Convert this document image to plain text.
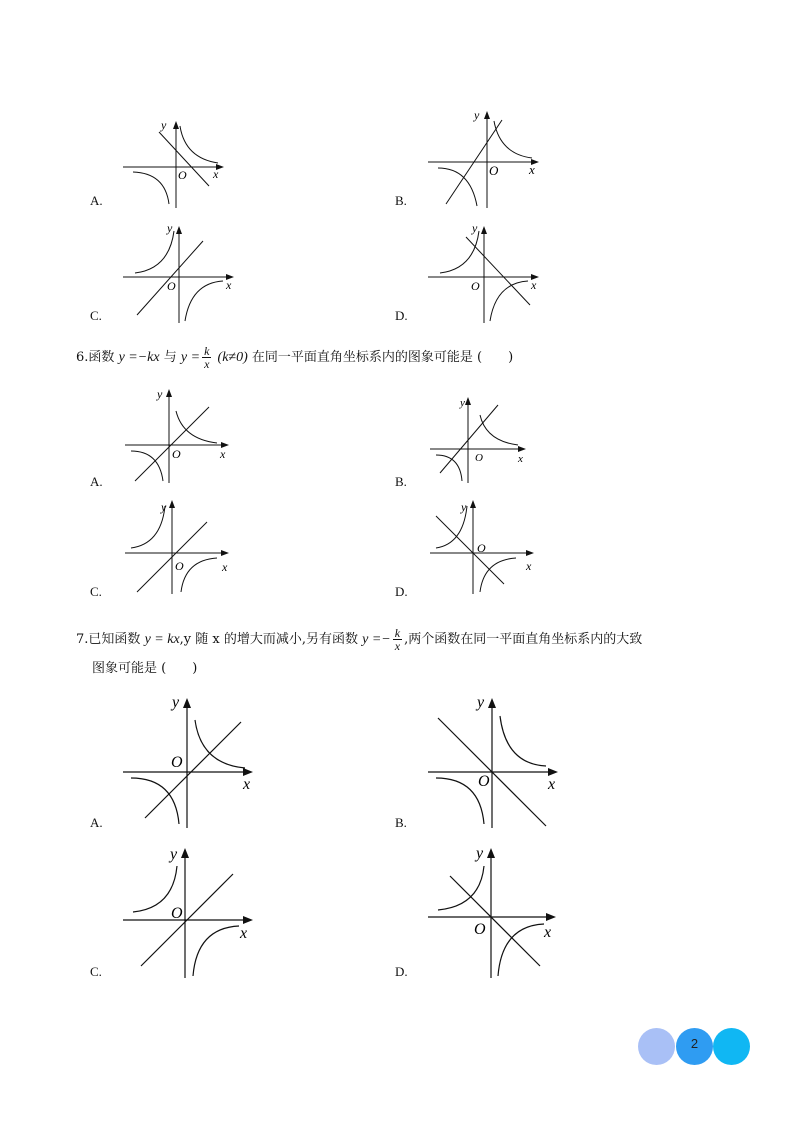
y
x
O
A.
y
x
O
B.
y
x
O
C.
y
x
O
D.
6.函数 y =−kx 与 $y = \frac{k}{x} (k\ne 0)$ 在同一平面直角坐标系内的图象可能是 (　　)
y
x
O
A.
y
x
O
B.
y
x
O
C.
y
x
O
D.
7.已知函数 y = kx,y 随 x 的增大而减小,另有函数 $y =- \frac{k}{x}$ ,两个函数在同一平面直角坐标系内的大致
图象可能是 (　　)
y
x
O
A.
y
x
O
B.
y
x
O
C.
y
x
O
D.
2
